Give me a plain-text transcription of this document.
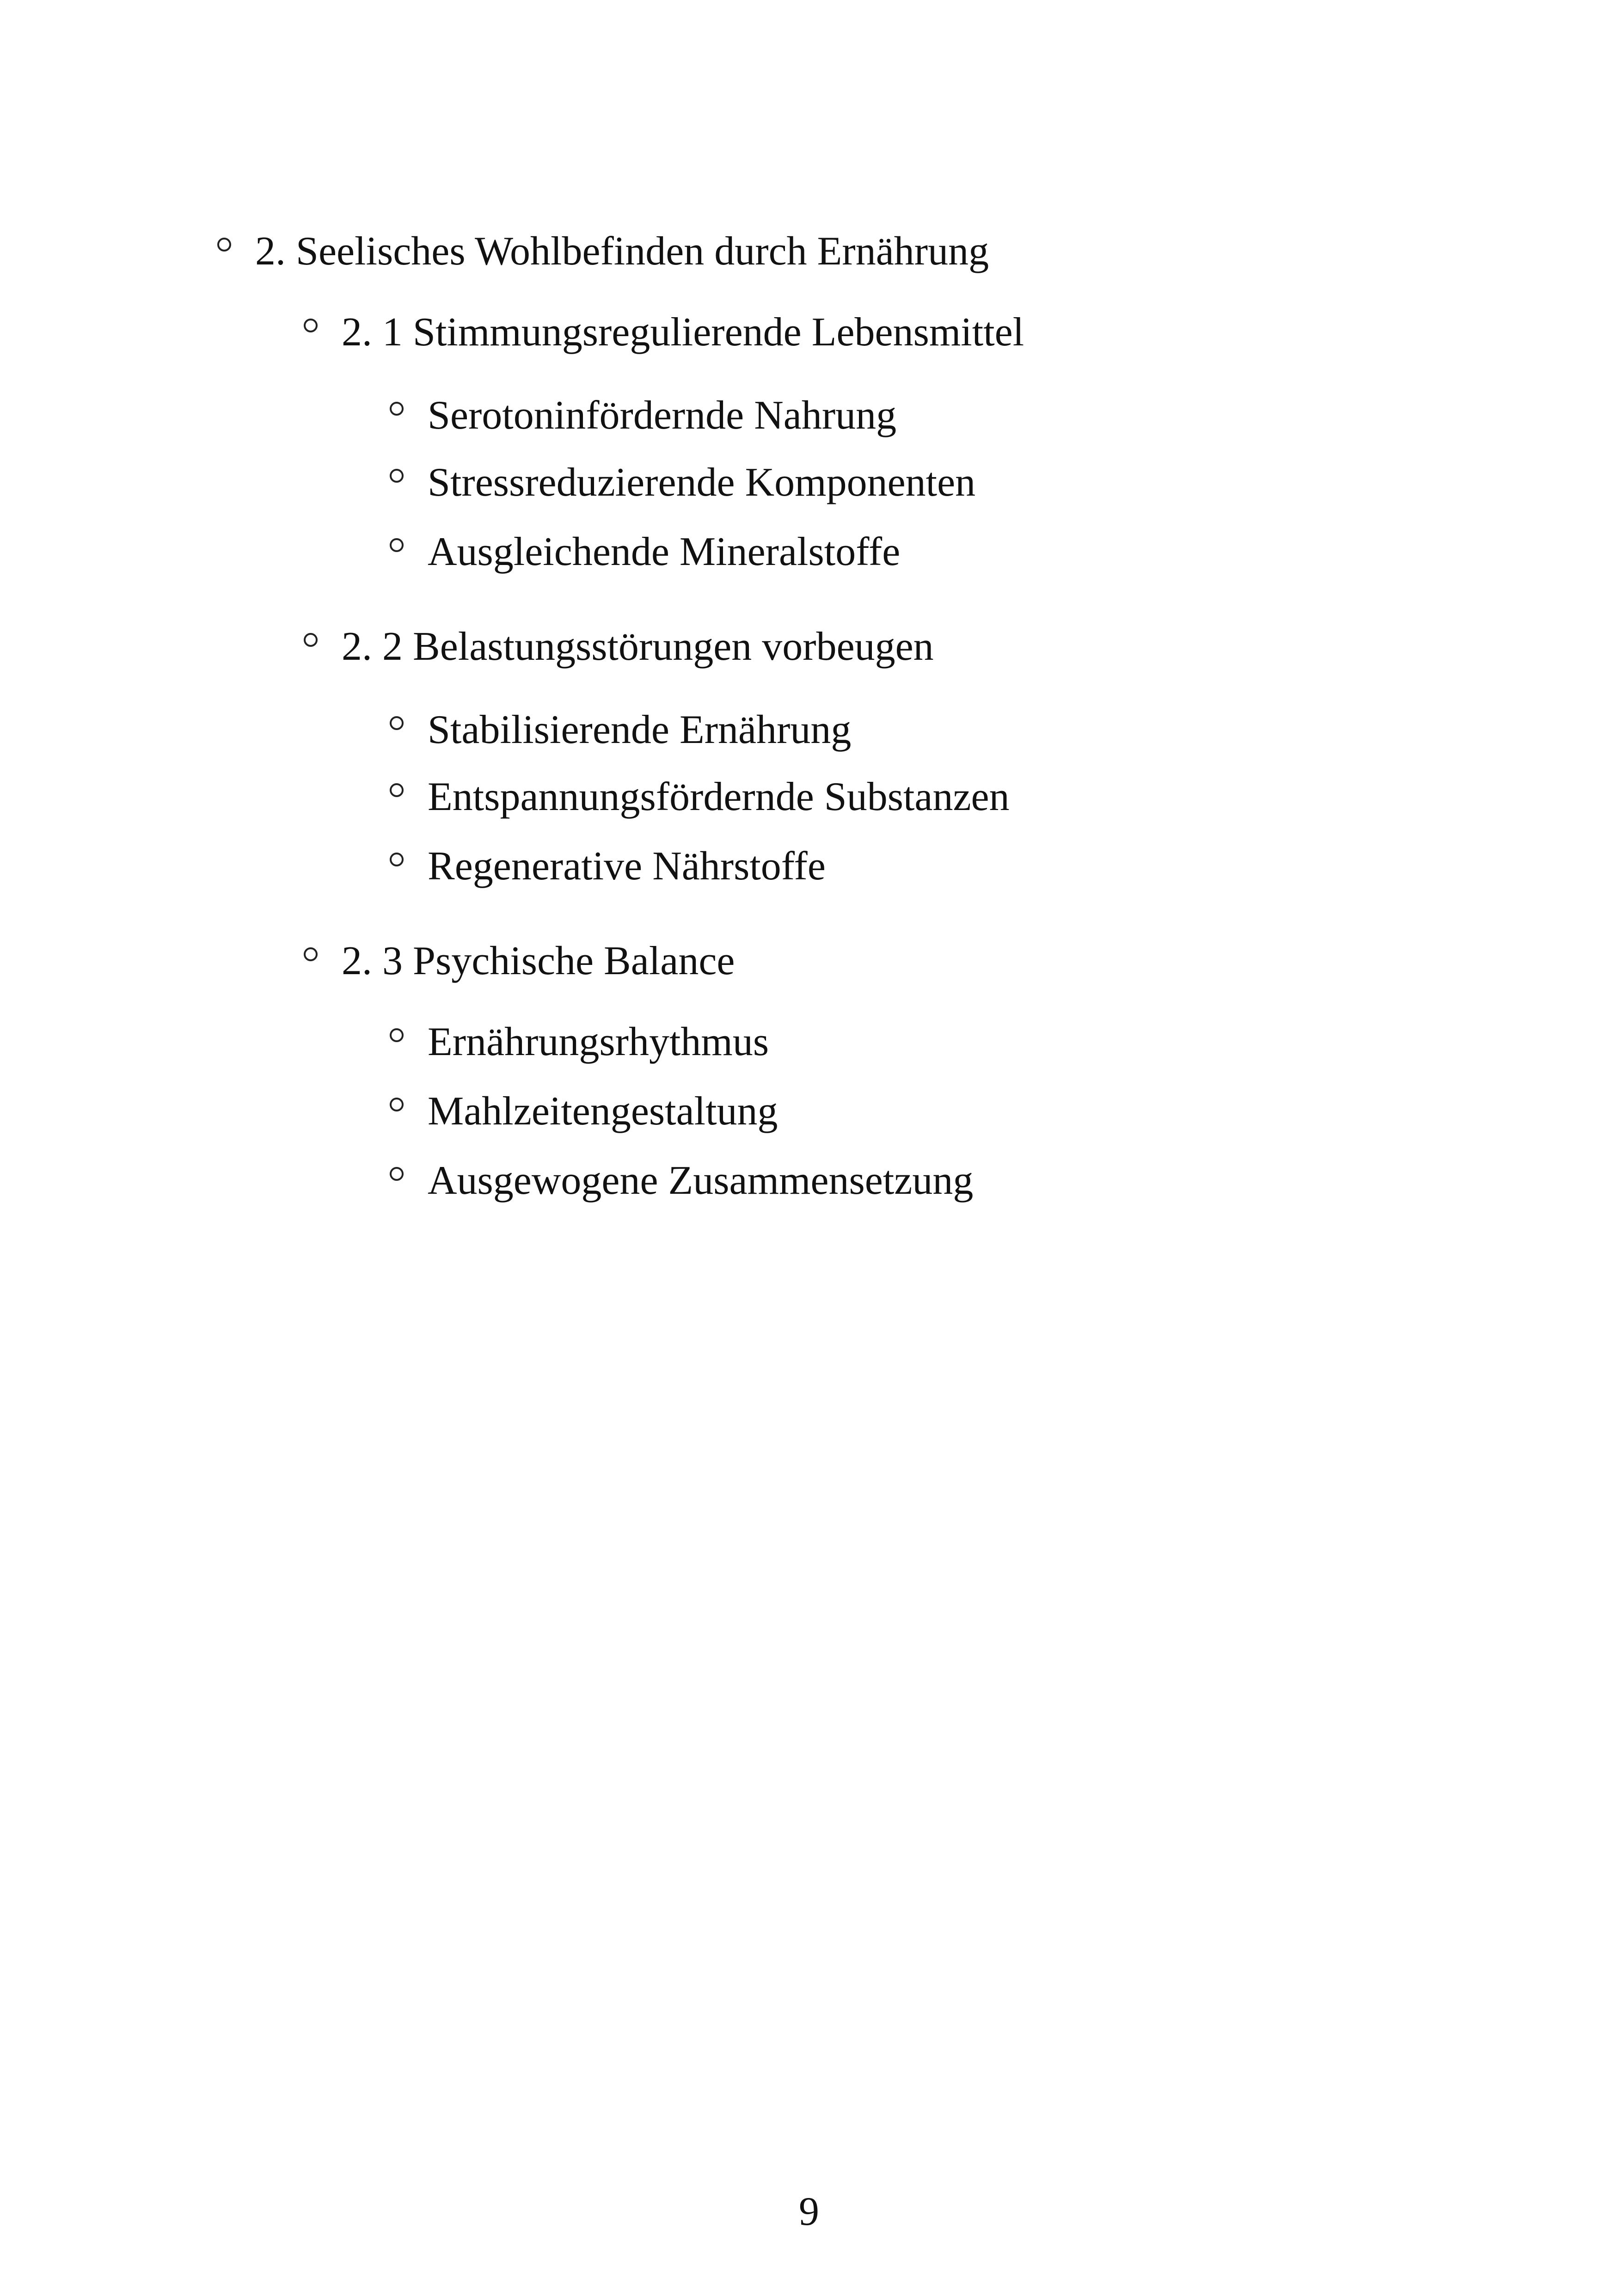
2. Seelisches Wohlbefinden durch Ernährung
2. 1 Stimmungsregulierende Lebensmittel
Serotoninfördernde Nahrung
Stressreduzierende Komponenten
Ausgleichende Mineralstoffe
2. 2 Belastungsstörungen vorbeugen
Stabilisierende Ernährung
Entspannungsfördernde Substanzen
Regenerative Nährstoffe
2. 3 Psychische Balance
Ernährungsrhythmus
Mahlzeitengestaltung
Ausgewogene Zusammensetzung
9
